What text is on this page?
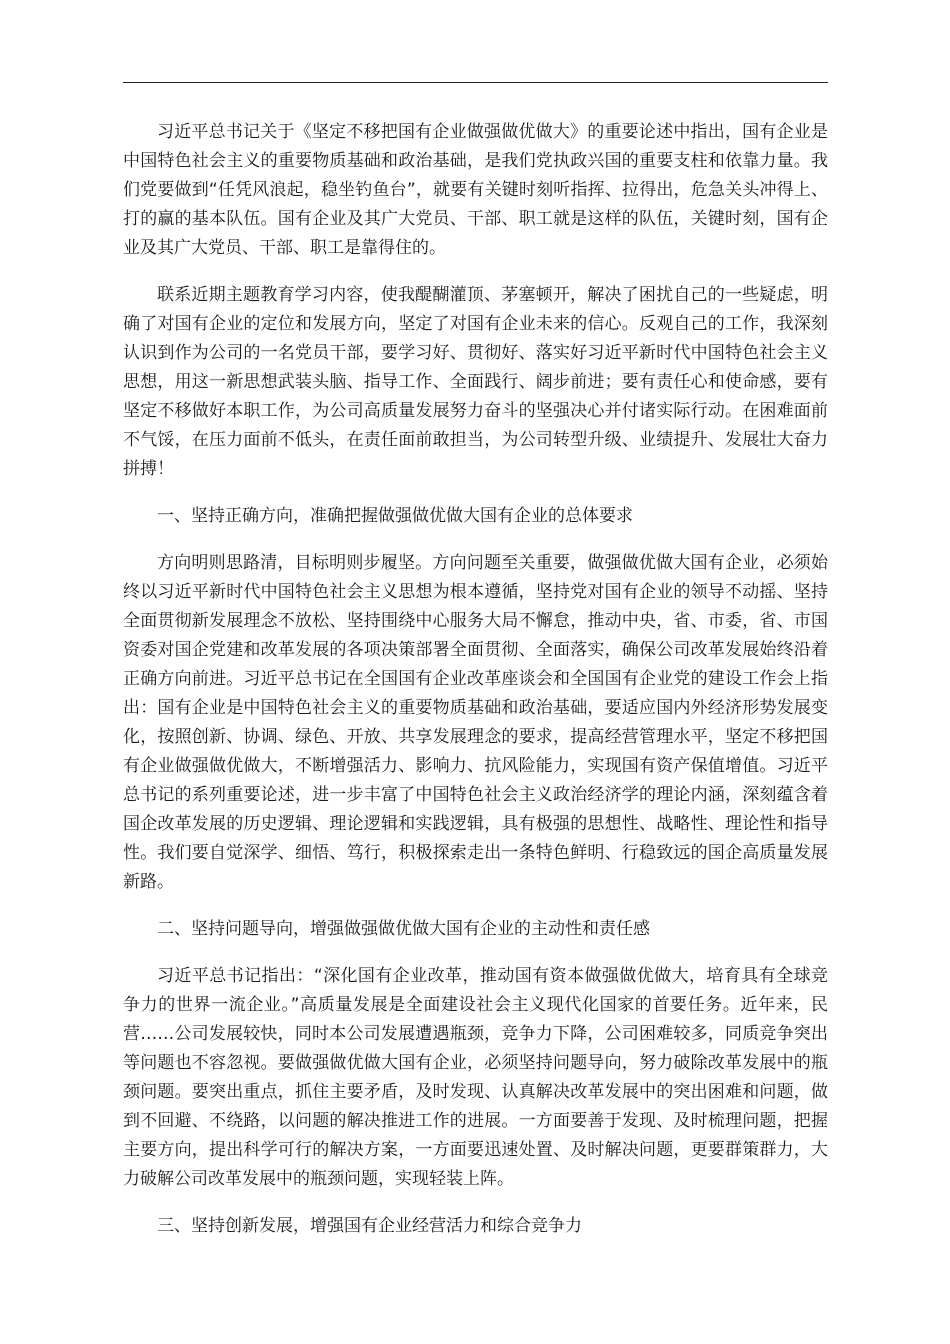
习近平总书记关于《坚定不移把国有企业做强做优做大》的重要论述中指出，国有企业是中国特色社会主义的重要物质基础和政治基础，是我们党执政兴国的重要支柱和依靠力量。我们党要做到“任凭风浪起，稳坐钓鱼台”，就要有关键时刻听指挥、拉得出，危急关头冲得上、打的赢的基本队伍。国有企业及其广大党员、干部、职工就是这样的队伍，关键时刻，国有企业及其广大党员、干部、职工是靠得住的。

联系近期主题教育学习内容，使我醍醐灌顶、茅塞顿开，解决了困扰自己的一些疑虑，明确了对国有企业的定位和发展方向，坚定了对国有企业未来的信心。反观自己的工作，我深刻认识到作为公司的一名党员干部，要学习好、贯彻好、落实好习近平新时代中国特色社会主义思想，用这一新思想武装头脑、指导工作、全面践行、阔步前进；要有责任心和使命感，要有坚定不移做好本职工作，为公司高质量发展努力奋斗的坚强决心并付诸实际行动。在困难面前不气馁，在压力面前不低头，在责任面前敢担当，为公司转型升级、业绩提升、发展壮大奋力拼搏！

一、坚持正确方向，准确把握做强做优做大国有企业的总体要求

方向明则思路清，目标明则步履坚。方向问题至关重要，做强做优做大国有企业，必须始终以习近平新时代中国特色社会主义思想为根本遵循，坚持党对国有企业的领导不动摇、坚持全面贯彻新发展理念不放松、坚持围绕中心服务大局不懈怠，推动中央，省、市委，省、市国资委对国企党建和改革发展的各项决策部署全面贯彻、全面落实，确保公司改革发展始终沿着正确方向前进。习近平总书记在全国国有企业改革座谈会和全国国有企业党的建设工作会上指出：国有企业是中国特色社会主义的重要物质基础和政治基础，要适应国内外经济形势发展变化，按照创新、协调、绿色、开放、共享发展理念的要求，提高经营管理水平，坚定不移把国有企业做强做优做大，不断增强活力、影响力、抗风险能力，实现国有资产保值增值。习近平总书记的系列重要论述，进一步丰富了中国特色社会主义政治经济学的理论内涵，深刻蕴含着国企改革发展的历史逻辑、理论逻辑和实践逻辑，具有极强的思想性、战略性、理论性和指导性。我们要自觉深学、细悟、笃行，积极探索走出一条特色鲜明、行稳致远的国企高质量发展新路。

二、坚持问题导向，增强做强做优做大国有企业的主动性和责任感

习近平总书记指出：“深化国有企业改革，推动国有资本做强做优做大，培育具有全球竞争力的世界一流企业。”高质量发展是全面建设社会主义现代化国家的首要任务。近年来，民营……公司发展较快，同时本公司发展遭遇瓶颈，竞争力下降，公司困难较多，同质竞争突出等问题也不容忽视。要做强做优做大国有企业，必须坚持问题导向，努力破除改革发展中的瓶颈问题。要突出重点，抓住主要矛盾，及时发现、认真解决改革发展中的突出困难和问题，做到不回避、不绕路，以问题的解决推进工作的进展。一方面要善于发现、及时梳理问题，把握主要方向，提出科学可行的解决方案，一方面要迅速处置、及时解决问题，更要群策群力，大力破解公司改革发展中的瓶颈问题，实现轻装上阵。

三、坚持创新发展，增强国有企业经营活力和综合竞争力
